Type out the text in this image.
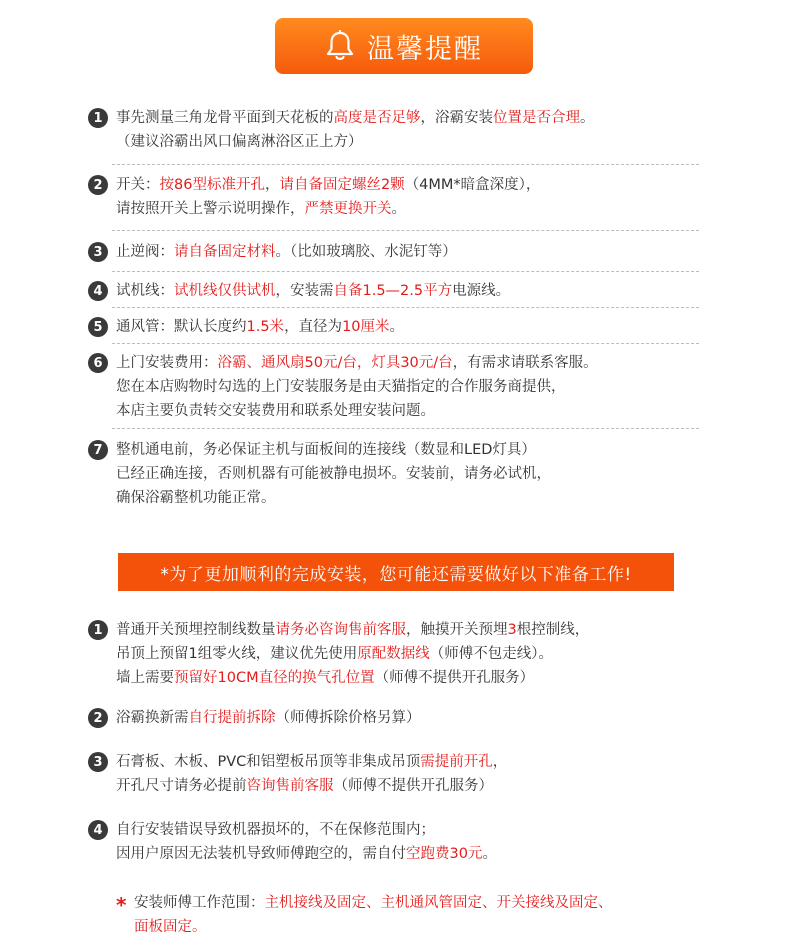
温馨提醒
1 事先测量三角龙骨平面到天花板的高度是否足够，浴霸安装位置是否合理。
（建议浴霸出风口偏离淋浴区正上方）
2 开关：按86型标准开孔，请自备固定螺丝2颗（4MM*暗盒深度），
请按照开关上警示说明操作，严禁更换开关。
3 止逆阀：请自备固定材料。（比如玻璃胶、水泥钉等）
4 试机线：试机线仅供试机，安装需自备1.5—2.5平方电源线。
5 通风管：默认长度约1.5米，直径为10厘米。
6 上门安装费用：浴霸、通风扇50元/台，灯具30元/台，有需求请联系客服。
您在本店购物时勾选的上门安装服务是由天猫指定的合作服务商提供，
本店主要负责转交安装费用和联系处理安装问题。
7 整机通电前，务必保证主机与面板间的连接线（数显和LED灯具）
已经正确连接，否则机器有可能被静电损坏。安装前，请务必试机，
确保浴霸整机功能正常。
*为了更加顺利的完成安装，您可能还需要做好以下准备工作!
1 普通开关预埋控制线数量请务必咨询售前客服，触摸开关预埋3根控制线，
吊顶上预留1组零火线，建议优先使用原配数据线（师傅不包走线）。
墙上需要预留好10CM直径的换气孔位置（师傅不提供开孔服务）
2 浴霸换新需自行提前拆除（师傅拆除价格另算）
3 石膏板、木板、PVC和铝塑板吊顶等非集成吊顶需提前开孔，
开孔尺寸请务必提前咨询售前客服（师傅不提供开孔服务）
4 自行安装错误导致机器损坏的，不在保修范围内；
因用户原因无法装机导致师傅跑空的，需自付空跑费30元。
* 安装师傅工作范围：主机接线及固定、主机通风管固定、开关接线及固定、
面板固定。
